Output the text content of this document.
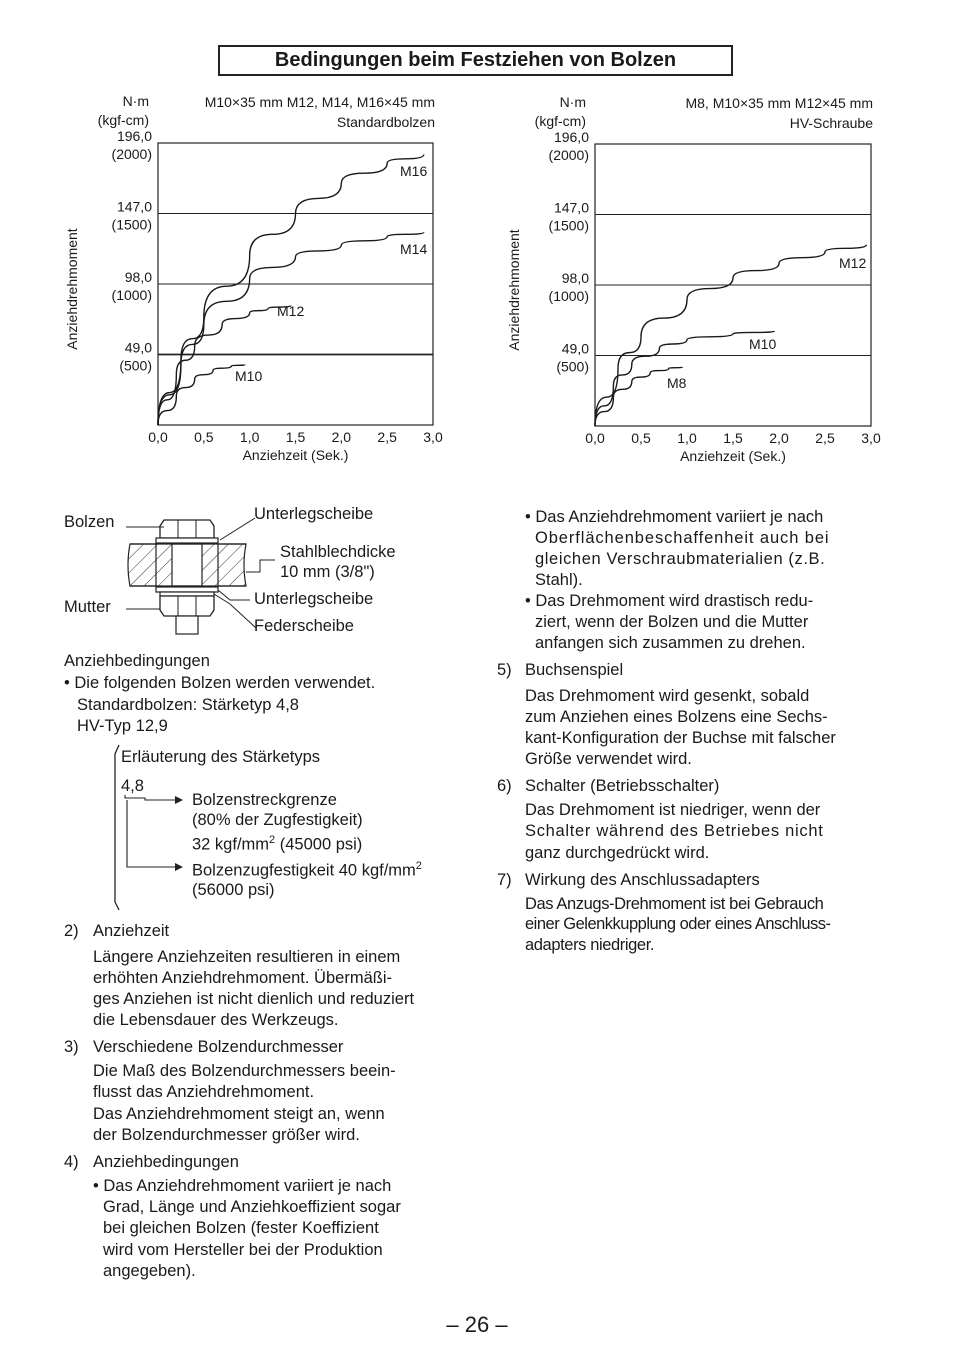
Bedingungen beim Festziehen von Bolzen
196,0
(2000)
147,0
(1500)
98,0
(1000)
49,0
(500)
0,0 0,5 1,0 1,5 2,0 2,5 3,0
Anziehzeit (Sek.)
Anziehdrehmoment
N·m
(kgf-cm)
M10×35 mm M12, M14, M16×45 mm
Standardbolzen
M16
M14
M12
M10
196,0
(2000)
147,0
(1500)
98,0
(1000)
49,0
(500)
0,0 0,5 1,0 1,5 2,0 2,5 3,0
Anziehzeit (Sek.)
Anziehdrehmoment
N·m
(kgf-cm)
M8, M10×35 mm M12×45 mm
HV-Schraube
M12
M10
M8
Bolzen
Mutter
Unterlegscheibe
Stahlblechdicke
10 mm (3/8")
Unterlegscheibe
Federscheibe
Anziehbedingungen
• Die folgenden Bolzen werden verwendet.
Standardbolzen: Stärketyp 4,8
HV-Typ 12,9
Erläuterung des Stärketyps
4,8
Bolzenstreckgrenze
(80% der Zugfestigkeit)
32 kgf/$mm^2$ (45000 psi)
Bolzenzugfestigkeit 40 kgf/$mm^2$
(56000 psi)
2) Anziehzeit
Längere Anziehzeiten resultieren in einem
erhöhten Anziehdrehmoment. Übermäßi-
ges Anziehen ist nicht dienlich und reduziert
die Lebensdauer des Werkzeugs.
3) Verschiedene Bolzendurchmesser
Die Maß des Bolzendurchmessers beein-
flusst das Anziehdrehmoment.
Das Anziehdrehmoment steigt an, wenn
der Bolzendurchmesser größer wird.
4) Anziehbedingungen
• Das Anziehdrehmoment variiert je nach
Grad, Länge und Anziehkoeffizient sogar
bei gleichen Bolzen (fester Koeffizient
wird vom Hersteller bei der Produktion
angegeben).
• Das Anziehdrehmoment variiert je nach
Oberflächenbeschaffenheit auch bei
gleichen Verschraubmaterialien (z.B.
Stahl).
• Das Drehmoment wird drastisch redu-
ziert, wenn der Bolzen und die Mutter
anfangen sich zusammen zu drehen.
5) Buchsenspiel
Das Drehmoment wird gesenkt, sobald
zum Anziehen eines Bolzens eine Sechs-
kant-Konfiguration der Buchse mit falscher
Größe verwendet wird.
6) Schalter (Betriebsschalter)
Das Drehmoment ist niedriger, wenn der
Schalter während des Betriebes nicht
ganz durchgedrückt wird.
7) Wirkung des Anschlussadapters
Das Anzugs-Drehmoment ist bei Gebrauch
einer Gelenkkupplung oder eines Anschluss-
adapters niedriger.
– 26 –
